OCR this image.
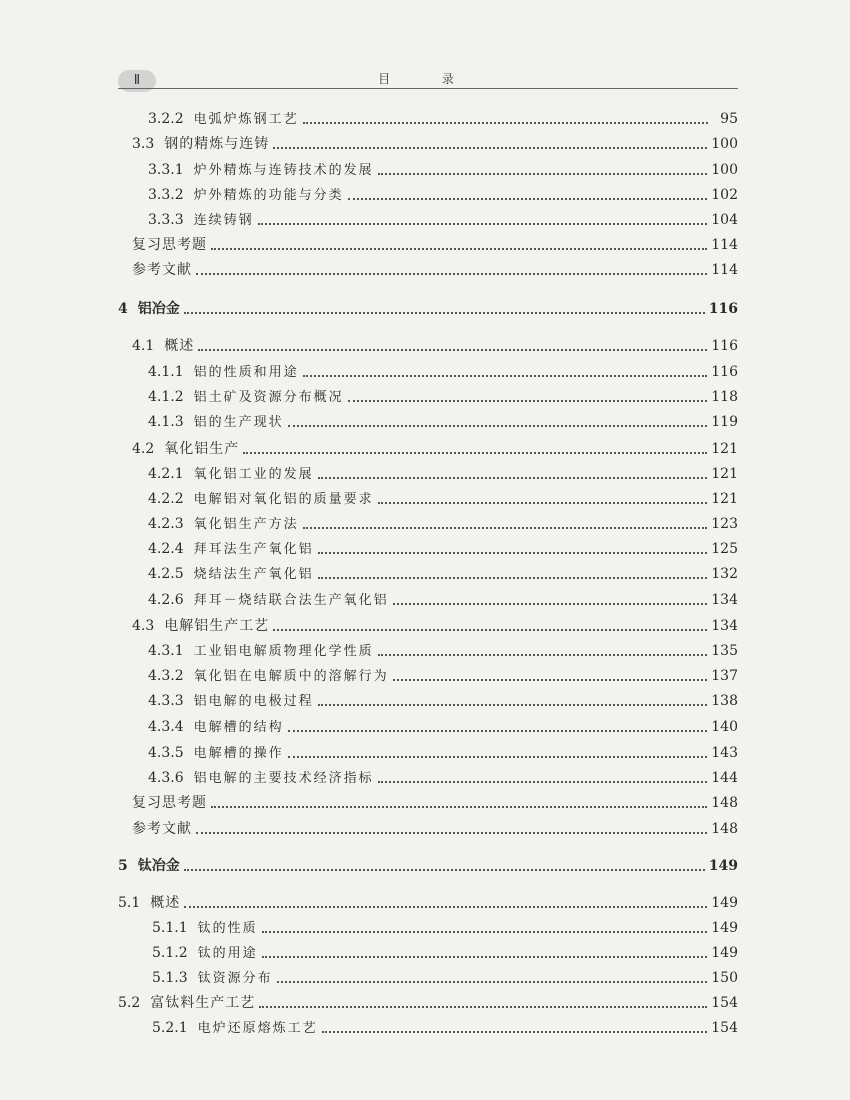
目 录
Ⅱ
3.2.2 电弧炉炼钢工艺	95
3.3 钢的精炼与连铸	100
3.3.1 炉外精炼与连铸技术的发展	100
3.3.2 炉外精炼的功能与分类	102
3.3.3 连续铸钢	104
复习思考题	114
参考文献	114
4 铝冶金	116
4.1 概述	116
4.1.1 铝的性质和用途	116
4.1.2 铝土矿及资源分布概况	118
4.1.3 铝的生产现状	119
4.2 氧化铝生产	121
4.2.1 氧化铝工业的发展	121
4.2.2 电解铝对氧化铝的质量要求	121
4.2.3 氧化铝生产方法	123
4.2.4 拜耳法生产氧化铝	125
4.2.5 烧结法生产氧化铝	132
4.2.6 拜耳－烧结联合法生产氧化铝	134
4.3 电解铝生产工艺	134
4.3.1 工业铝电解质物理化学性质	135
4.3.2 氧化铝在电解质中的溶解行为	137
4.3.3 铝电解的电极过程	138
4.3.4 电解槽的结构	140
4.3.5 电解槽的操作	143
4.3.6 铝电解的主要技术经济指标	144
复习思考题	148
参考文献	148
5 钛冶金	149
5.1 概述	149
5.1.1 钛的性质	149
5.1.2 钛的用途	149
5.1.3 钛资源分布	150
5.2 富钛料生产工艺	154
5.2.1 电炉还原熔炼工艺	154
